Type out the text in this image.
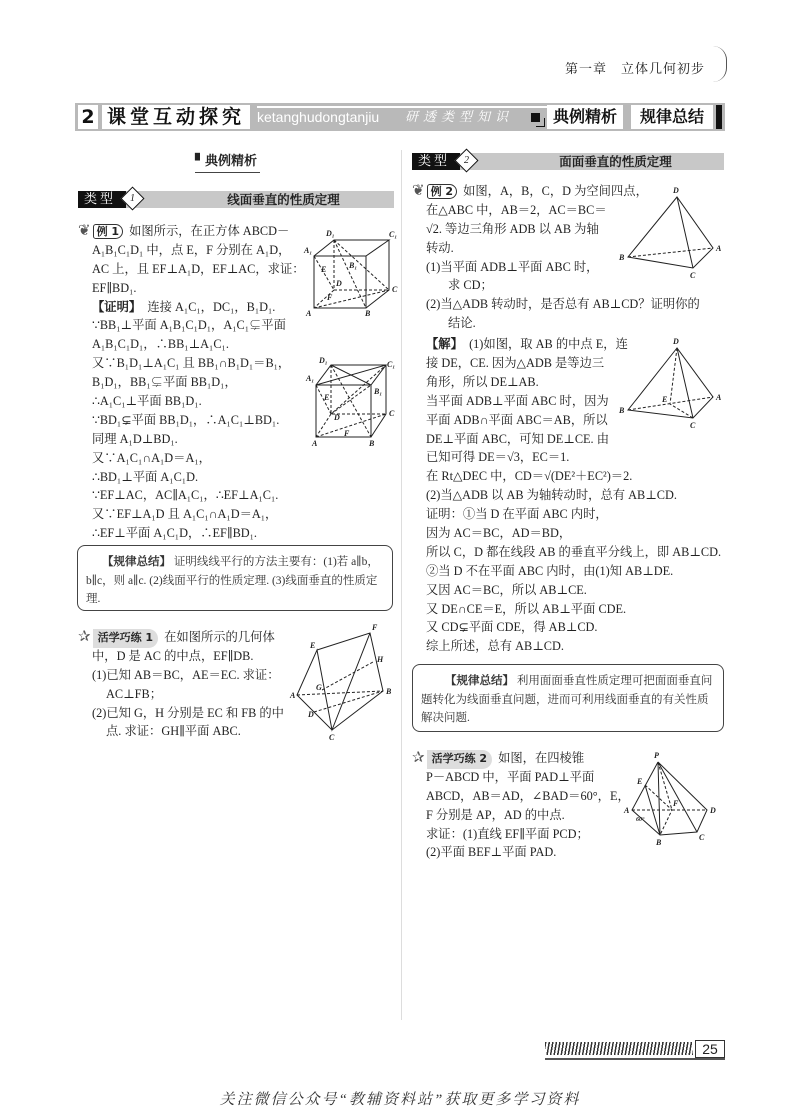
第一章　立体几何初步
2 课堂互动探究 ketanghudongtanjiu 研透类型知识	典例精析	规律总结
▘典例精析
类型	1	线面垂直的性质定理
❦ 例 1 如图所示，在正方体 ABCD－
A₁B₁C₁D₁ 中，点 E，F 分别在 A₁D，
AC 上，且 EF⊥A₁D，EF⊥AC，求证：
EF∥BD₁.
【证明】　 连接 A₁C₁，DC₁，B₁D₁.
∵BB₁⊥平面 A₁B₁C₁D₁，A₁C₁⊊平面
A₁B₁C₁D₁，∴BB₁⊥A₁C₁.
又∵B₁D₁⊥A₁C₁ 且 BB₁∩B₁D₁＝B₁，
B₁D₁，BB₁⊊平面 BB₁D₁，
∴A₁C₁⊥平面 BB₁D₁.
∵BD₁⊊平面 BB₁D₁，∴A₁C₁⊥BD₁.
同理 A₁D⊥BD₁.
又∵A₁C₁∩A₁D＝A₁，
∴BD₁⊥平面 A₁C₁D.
∵EF⊥AC，AC∥A₁C₁，∴EF⊥A₁C₁.
又∵EF⊥A₁D 且 A₁C₁∩A₁D＝A₁，
∴EF⊥平面 A₁C₁D，∴EF∥BD₁.
【规律总结】 证明线线平行的方法主要有：(1)若 a∥b，b∥c，则 a∥c. (2)线面平行的性质定理. (3)线面垂直的性质定理.
✰ 活学巧练 1 在如图所示的几何体
中，D 是 AC 的中点，EF∥DB.
(1)已知 AB＝BC，AE＝EC. 求证：
AC⊥FB；
(2)已知 G，H 分别是 EC 和 FB 的中
点. 求证：GH∥平面 ABC.
类型	2	面面垂直的性质定理
❦ 例 2 如图，A，B，C，D 为空间四点，
在△ABC 中，AB＝2，AC＝BC＝
√2. 等边三角形 ADB 以 AB 为轴
转动.
(1)当平面 ADB⊥平面 ABC 时，
求 CD；
(2)当△ADB 转动时，是否总有 AB⊥CD？证明你的
结论.
【解】　 (1)如图，取 AB 的中点 E，连
接 DE，CE. 因为△ADB 是等边三
角形，所以 DE⊥AB.
当平面 ADB⊥平面 ABC 时，因为
平面 ADB∩平面 ABC＝AB，所以
DE⊥平面 ABC，可知 DE⊥CE. 由
已知可得 DE＝√3，EC＝1.
在 Rt△DEC 中，CD＝√(DE²＋EC²)＝2.
(2)当△ADB 以 AB 为轴转动时，总有 AB⊥CD.
证明：①当 D 在平面 ABC 内时，
因为 AC＝BC，AD＝BD，
所以 C，D 都在线段 AB 的垂直平分线上，即 AB⊥CD.
②当 D 不在平面 ABC 内时，由(1)知 AB⊥DE.
又因 AC＝BC，所以 AB⊥CE.
又 DE∩CE＝E，所以 AB⊥平面 CDE.
又 CD⊊平面 CDE，得 AB⊥CD.
综上所述，总有 AB⊥CD.
【规律总结】 利用面面垂直性质定理可把面面垂直问题转化为线面垂直问题，进而可利用线面垂直的有关性质解决问题.
✰ 活学巧练 2 如图，在四棱锥
P－ABCD 中，平面 PAD⊥平面
ABCD，AB＝AD，∠BAD＝60°，E，
F 分别是 AP，AD 的中点.
求证：(1)直线 EF∥平面 PCD；
(2)平面 BEF⊥平面 PAD.
D₁	C₁
A₁
B₁
E
D
C
F
A	B
D₁	C₁
A₁
B₁
E
D	C
F
A	B
D
A
B
C
D
A
B
C
E
F
E
H
G
A	B
D
C
P
E
A
F
D
B
C
60°
25
关注微信公众号“教辅资料站”获取更多学习资料
